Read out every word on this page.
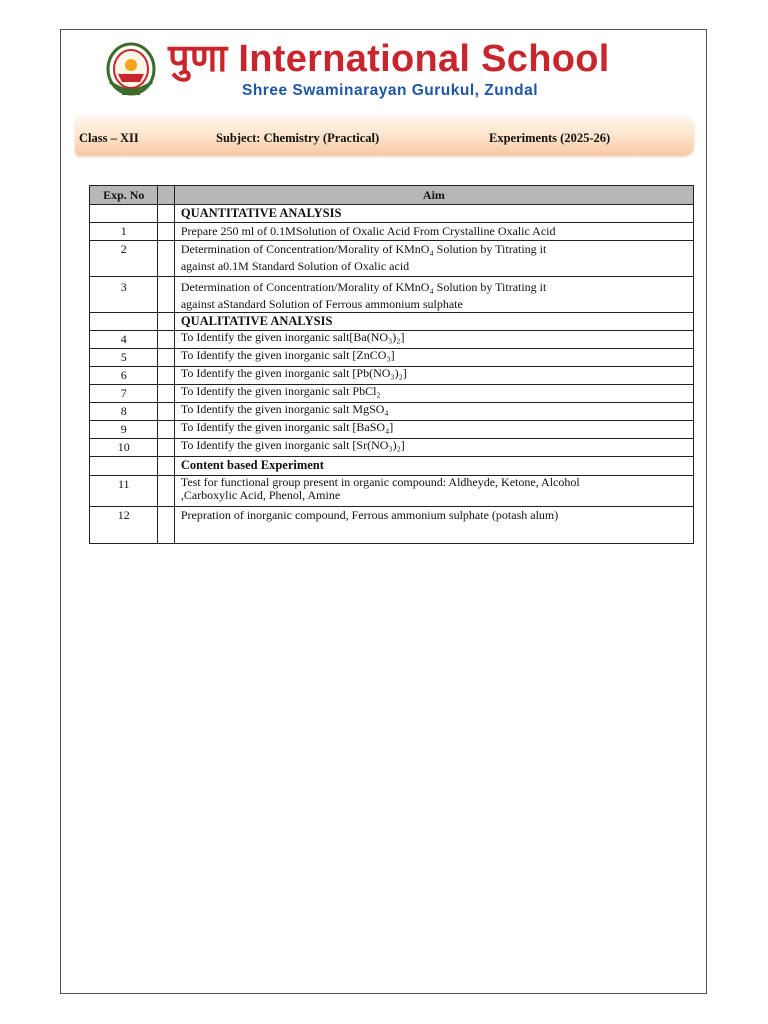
पुणा International School
Shree Swaminarayan Gurukul, Zundal
Class – XII	Subject: Chemistry (Practical)	Experiments (2025-26)
Exp. No		Aim
		QUANTITATIVE ANALYSIS
1		Prepare 250 ml of 0.1MSolution of Oxalic Acid From Crystalline Oxalic Acid
2		Determination of Concentration/Morality of KMnO₄ Solution by Titrating it
against a0.1M Standard Solution of Oxalic acid

3		Determination of Concentration/Morality of KMnO₄ Solution by Titrating it
against aStandard Solution of Ferrous ammonium sulphate

		QUALITATIVE ANALYSIS
4		To Identify the given inorganic salt[Ba(NO₃)₂]
5		To Identify the given inorganic salt [ZnCO₃]
6		To Identify the given inorganic salt [Pb(NO₃)₂]
7		To Identify the given inorganic salt PbCl₂
8		To Identify the given inorganic salt MgSO₄
9		To Identify the given inorganic salt [BaSO₄]
10		To Identify the given inorganic salt [Sr(NO₃)₂]
		Content based Experiment
11		Test for functional group present in organic compound: Aldheyde, Ketone, Alcohol
,Carboxylic Acid, Phenol, Amine

12		Prepration of inorganic compound, Ferrous ammonium sulphate (potash alum)
